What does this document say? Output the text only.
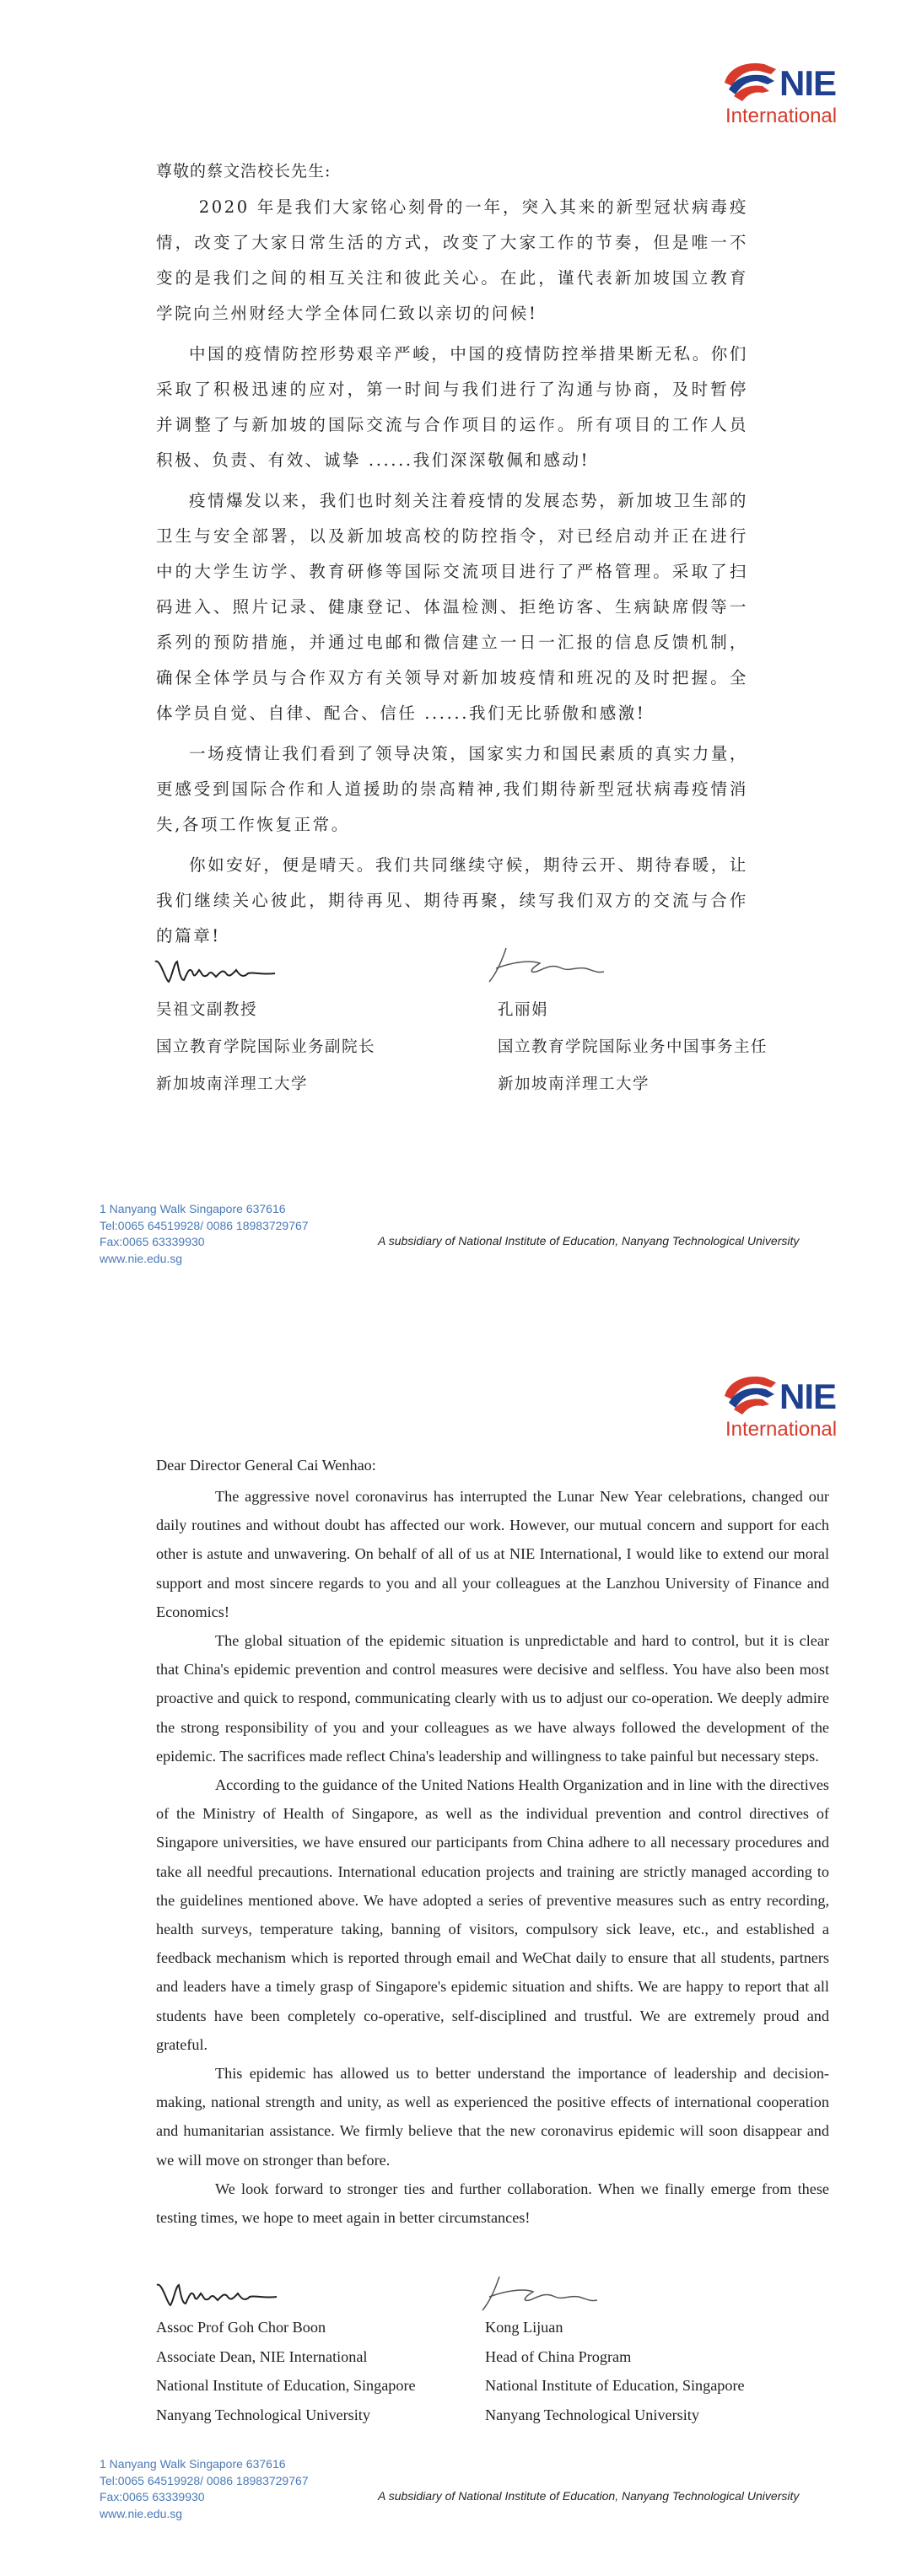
NIE
International
尊敬的蔡文浩校长先生:

2020 年是我们大家铭心刻骨的一年，突入其来的新型冠状病毒疫情，改变了大家日常生活的方式，改变了大家工作的节奏，但是唯一不变的是我们之间的相互关注和彼此关心。在此，谨代表新加坡国立教育学院向兰州财经大学全体同仁致以亲切的问候!

中国的疫情防控形势艰辛严峻，中国的疫情防控举措果断无私。你们采取了积极迅速的应对，第一时间与我们进行了沟通与协商，及时暂停并调整了与新加坡的国际交流与合作项目的运作。所有项目的工作人员积极、负责、有效、诚挚 ......我们深深敬佩和感动!

疫情爆发以来，我们也时刻关注着疫情的发展态势，新加坡卫生部的卫生与安全部署，以及新加坡高校的防控指令，对已经启动并正在进行中的大学生访学、教育研修等国际交流项目进行了严格管理。采取了扫码进入、照片记录、健康登记、体温检测、拒绝访客、生病缺席假等一系列的预防措施，并通过电邮和微信建立一日一汇报的信息反馈机制，确保全体学员与合作双方有关领导对新加坡疫情和班况的及时把握。全体学员自觉、自律、配合、信任 ......我们无比骄傲和感激!

一场疫情让我们看到了领导决策，国家实力和国民素质的真实力量，更感受到国际合作和人道援助的崇高精神,我们期待新型冠状病毒疫情消失,各项工作恢复正常。

你如安好，便是晴天。我们共同继续守候，期待云开、期待春暖，让我们继续关心彼此，期待再见、期待再聚，续写我们双方的交流与合作的篇章!

吴祖文副教授
国立教育学院国际业务副院长
新加坡南洋理工大学
孔丽娟
国立教育学院国际业务中国事务主任
新加坡南洋理工大学
1 Nanyang Walk Singapore 637616
Tel:0065 64519928/ 0086 18983729767
Fax:0065 63339930
www.nie.edu.sg
A subsidiary of National Institute of Education, Nanyang Technological University
NIE
International
Dear Director General Cai Wenhao:

The aggressive novel coronavirus has interrupted the Lunar New Year celebrations, changed our daily routines and without doubt has affected our work. However, our mutual concern and support for each other is astute and unwavering. On behalf of all of us at NIE International, I would like to extend our moral support and most sincere regards to you and all your colleagues at the Lanzhou University of Finance and Economics!

The global situation of the epidemic situation is unpredictable and hard to control, but it is clear that China's epidemic prevention and control measures were decisive and selfless. You have also been most proactive and quick to respond, communicating clearly with us to adjust our co-operation. We deeply admire the strong responsibility of you and your colleagues as we have always followed the development of the epidemic. The sacrifices made reflect China's leadership and willingness to take painful but necessary steps.

According to the guidance of the United Nations Health Organization and in line with the directives of the Ministry of Health of Singapore, as well as the individual prevention and control directives of Singapore universities, we have ensured our participants from China adhere to all necessary procedures and take all needful precautions. International education projects and training are strictly managed according to the guidelines mentioned above. We have adopted a series of preventive measures such as entry recording, health surveys, temperature taking, banning of visitors, compulsory sick leave, etc., and established a feedback mechanism which is reported through email and WeChat daily to ensure that all students, partners and leaders have a timely grasp of Singapore's epidemic situation and shifts. We are happy to report that all students have been completely co-operative, self-disciplined and trustful. We are extremely proud and grateful.

This epidemic has allowed us to better understand the importance of leadership and decision-making, national strength and unity, as well as experienced the positive effects of international cooperation and humanitarian assistance. We firmly believe that the new coronavirus epidemic will soon disappear and we will move on stronger than before.

We look forward to stronger ties and further collaboration. When we finally emerge from these testing times, we hope to meet again in better circumstances!

Assoc Prof Goh Chor Boon
Associate Dean, NIE International
National Institute of Education, Singapore
Nanyang Technological University
Kong Lijuan
Head of China Program
National Institute of Education, Singapore
Nanyang Technological University
1 Nanyang Walk Singapore 637616
Tel:0065 64519928/ 0086 18983729767
Fax:0065 63339930
www.nie.edu.sg
A subsidiary of National Institute of Education, Nanyang Technological University
